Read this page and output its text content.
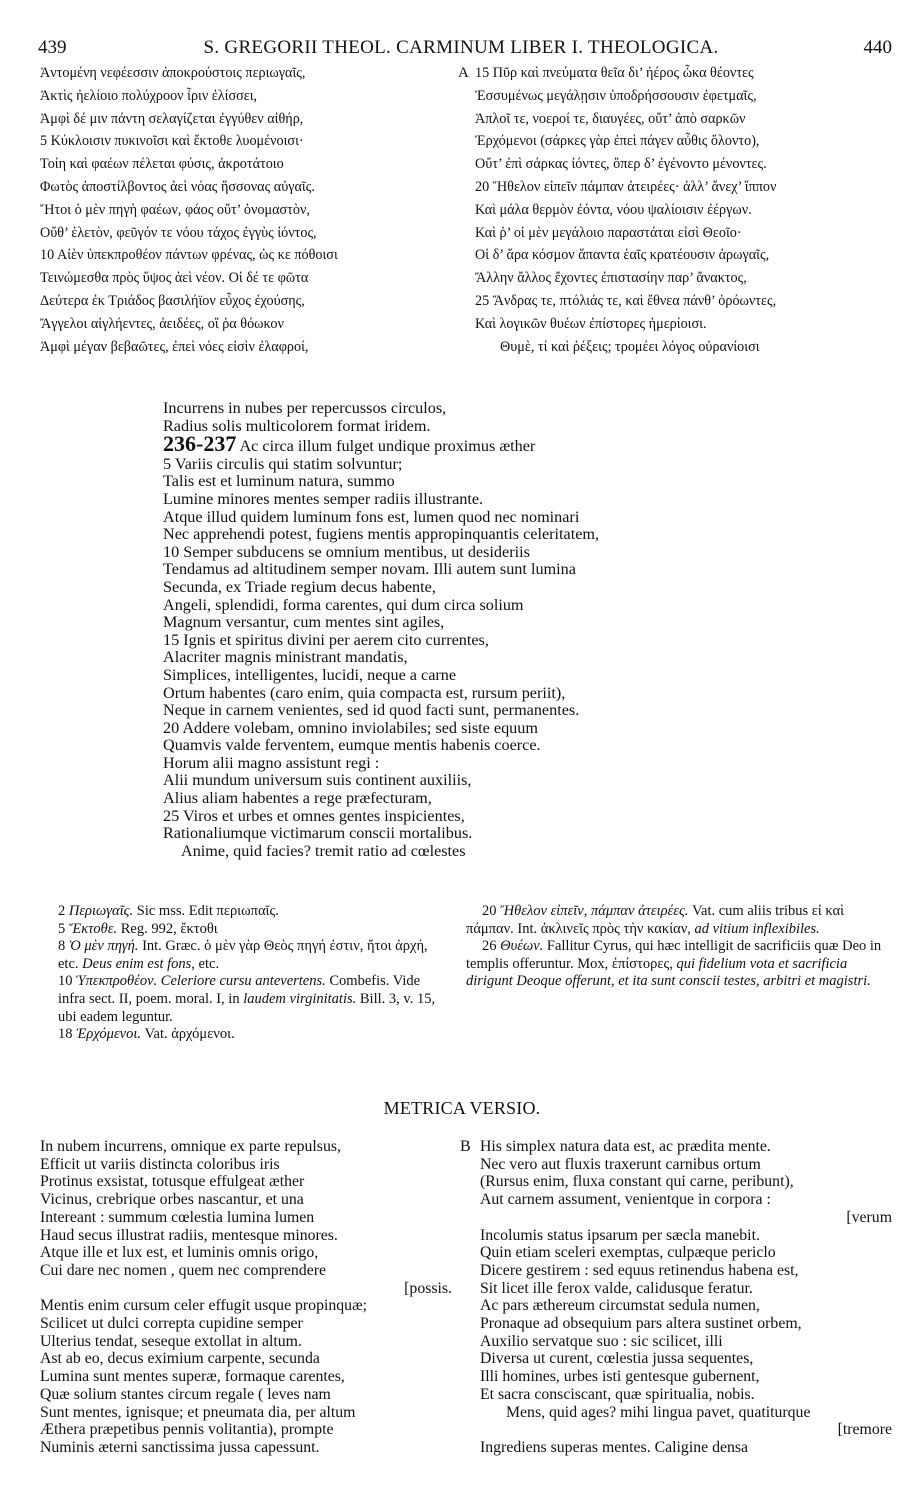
439	S. GREGORII THEOL. CARMINUM LIBER I. THEOLOGICA.	440
Ἀντομένη νεφέεσσιν ἀποκρούστοις περιωγαῖς,
Ἀκτὶς ἠελίοιο πολύχροον ἶριν ἐλίσσει,
Ἀμφὶ δέ μιν πάντη σελαγίζεται ἐγγύθεν αἰθήρ,
5 Κύκλοισιν πυκινοῖσι καὶ ἔκτοθε λυομένοισι·
Τοίη καὶ φαέων πέλεται φύσις, ἀκροτάτοιο
Φωτὸς ἀποστίλβοντος ἀεὶ νόας ἥσσονας αὐγαῖς.
Ἤτοι ὁ μὲν πηγὴ φαέων, φάος οὔτ’ ὀνομαστὸν,
Οὔθ’ ἑλετὸν, φεῦγόν τε νόου τάχος ἐγγὺς ἰόντος,
10 Αἰὲν ὑπεκπροθέον πάντων φρένας, ὡς κε πόθοισι
Τεινώμεσθα πρὸς ὕψος ἀεὶ νέον. Οἱ δέ τε φῶτα
Δεύτερα ἐκ Τριάδος βασιλήϊον εὖχος ἐχούσης,
Ἄγγελοι αἰγλήεντες, ἀειδέες, οἵ ῥα θόωκον
Ἀμφὶ μέγαν βεβαῶτες, ἐπεὶ νόες εἰσὶν ἐλαφροί,
A 15 Πῦρ καὶ πνεύματα θεῖα δι’ ἠέρος ὦκα θέοντες
Ἐσσυμένως μεγάλῃσιν ὑποδρήσσουσιν ἐφετμαῖς,
Ἁπλοῖ τε, νοεροί τε, διαυγέες, οὔτ’ ἀπὸ σαρκῶν
Ἐρχόμενοι (σάρκες γὰρ ἐπεὶ πάγεν αὖθις ὄλοντο),
Οὔτ’ ἐπὶ σάρκας ἰόντες, ὅπερ δ’ ἐγένοντο μένοντες.
20 Ἤθελον εἰπεῖν πάμπαν ἀτειρέες· ἀλλ’ ἄνεχ’ ἵππον
Καὶ μάλα θερμὸν ἐόντα, νόου ψαλίοισιν ἐέργων.
Καὶ ῥ’ οἱ μὲν μεγάλοιο παραστάται εἰσὶ Θεοῖο·
Οἱ δ’ ἄρα κόσμον ἅπαντα ἑαῖς κρατέουσιν ἀρωγαῖς,
Ἄλλην ἄλλος ἔχοντες ἐπιστασίην παρ’ ἄνακτος,
25 Ἄνδρας τε, πτόλιάς τε, καὶ ἔθνεα πάνθ’ ὁρόωντες,
Καὶ λογικῶν θυέων ἐπίστορες ἠμερίοισι.
Θυμὲ, τί καὶ ῥέξεις; τρομέει λόγος οὐρανίοισι
Incurrens in nubes per repercussos circulos,
Radius solis multicolorem format iridem.
236-237 Ac circa illum fulget undique proximus æther
5 Variis circulis qui statim solvuntur;
Talis est et luminum natura, summo
Lumine minores mentes semper radiis illustrante.
Atque illud quidem luminum fons est, lumen quod nec nominari
Nec apprehendi potest, fugiens mentis appropinquantis celeritatem,
10 Semper subducens se omnium mentibus, ut desideriis
Tendamus ad altitudinem semper novam. Illi autem sunt lumina
Secunda, ex Triade regium decus habente,
Angeli, splendidi, forma carentes, qui dum circa solium
Magnum versantur, cum mentes sint agiles,
15 Ignis et spiritus divini per aerem cito currentes,
Alacriter magnis ministrant mandatis,
Simplices, intelligentes, lucidi, neque a carne
Ortum habentes (caro enim, quia compacta est, rursum periit),
Neque in carnem venientes, sed id quod facti sunt, permanentes.
20 Addere volebam, omnino inviolabiles; sed siste equum
Quamvis valde ferventem, eumque mentis habenis coerce.
Horum alii magno assistunt regi :
Alii mundum universum suis continent auxiliis,
Alius aliam habentes a rege præfecturam,
25 Viros et urbes et omnes gentes inspicientes,
Rationaliumque victimarum conscii mortalibus.
Anime, quid facies? tremit ratio ad cœlestes

2 Περιωγαῖς. Sic mss. Edit περιωπαῖς.

5 Ἔκτοθε. Reg. 992, ἔκτοθι

8 Ὁ μὲν πηγή. Int. Græc. ὁ μὲν γὰρ Θεὸς πηγή ἐστιν, ἤτοι ἀρχή, etc. Deus enim est fons, etc.

10 Ὑπεκπροθέον. Celeriore cursu antevertens. Combefis. Vide infra sect. II, poem. moral. I, in laudem virginitatis. Bill. 3, v. 15, ubi eadem leguntur.

18 Ἐρχόμενοι. Vat. ἀρχόμενοι.

20 Ἤθελον εἰπεῖν, πάμπαν ἀτειρέες. Vat. cum aliis tribus εἰ καὶ πάμπαν. Int. ἀκλινεῖς πρὸς τὴν κακίαν, ad vitium inflexibiles.

26 Θυέων. Fallitur Cyrus, qui hæc intelligit de sacrificiis quæ Deo in templis offeruntur. Mox, ἐπίστορες, qui fidelium vota et sacrificia dirigunt Deoque offerunt, et ita sunt conscii testes, arbitri et magistri.

METRICA VERSIO.
In nubem incurrens, omnique ex parte repulsus,
Efficit ut variis distincta coloribus iris
Protinus exsistat, totusque effulgeat æther
Vicinus, crebrique orbes nascantur, et una
Intereant : summum cœlestia lumina lumen
Haud secus illustrat radiis, mentesque minores.
Atque ille et lux est, et luminis omnis origo,
Cui dare nec nomen , quem nec comprendere
[possis.
Mentis enim cursum celer effugit usque propinquæ;
Scilicet ut dulci correpta cupidine semper
Ulterius tendat, seseque extollat in altum.
Ast ab eo, decus eximium carpente, secunda
Lumina sunt mentes superæ, formaque carentes,
Quæ solium stantes circum regale ( leves nam
Sunt mentes, ignisque; et pneumata dia, per altum
Æthera præpetibus pennis volitantia), prompte
Numinis æterni sanctissima jussa capessunt.
B His simplex natura data est, ac prædita mente.
Nec vero aut fluxis traxerunt carnibus ortum
(Rursus enim, fluxa constant qui carne, peribunt),
Aut carnem assument, venientque in corpora :
[verum
Incolumis status ipsarum per sæcla manebit.
Quin etiam sceleri exemptas, culpæque periclo
Dicere gestirem : sed equus retinendus habena est,
Sit licet ille ferox valde, calidusque feratur.
Ac pars æthereum circumstat sedula numen,
Pronaque ad obsequium pars altera sustinet orbem,
Auxilio servatque suo : sic scilicet, illi
Diversa ut curent, cœlestia jussa sequentes,
Illi homines, urbes isti gentesque gubernent,
Et sacra consciscant, quæ spiritualia, nobis.
Mens, quid ages? mihi lingua pavet, quatiturque
[tremore
Ingrediens superas mentes. Caligine densa
